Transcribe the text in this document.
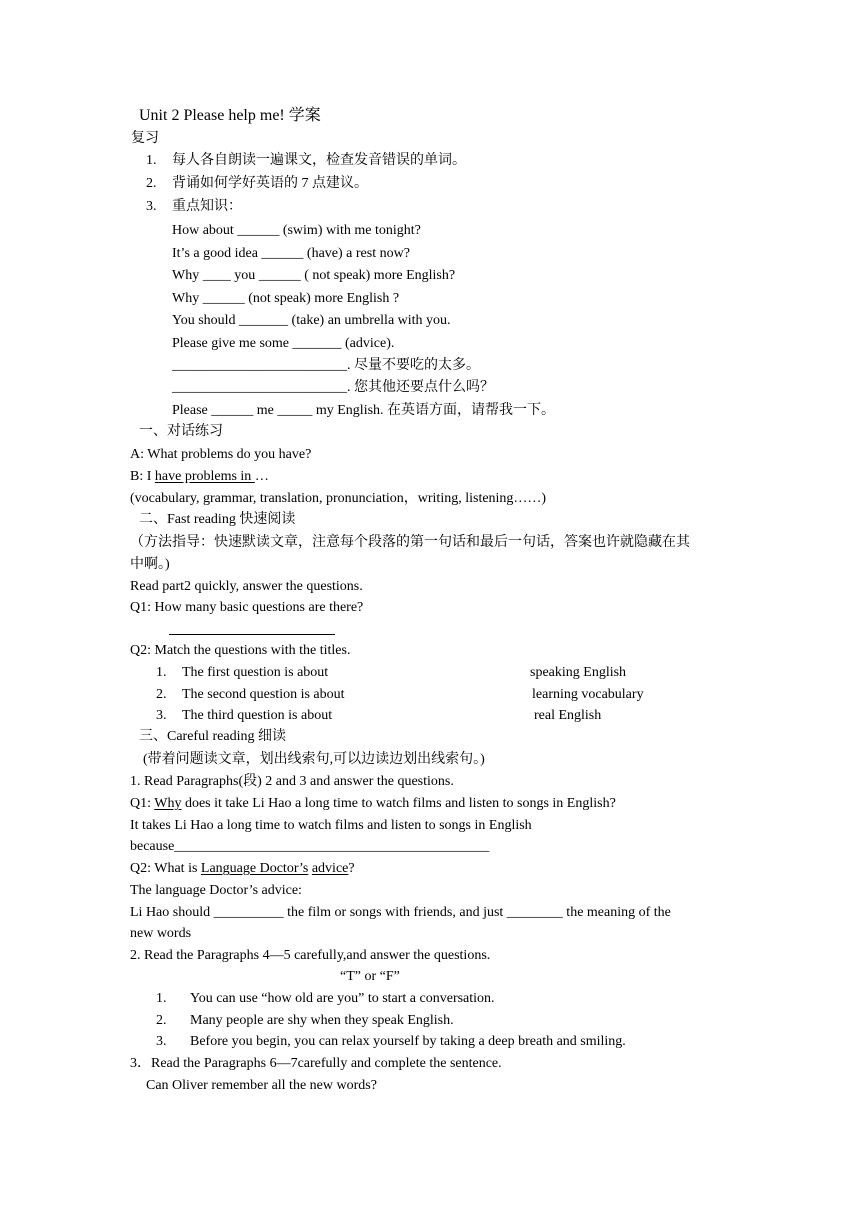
Unit 2 Please help me! 学案
复习
1. 每人各自朗读一遍课文，检查发音错误的单词。
2. 背诵如何学好英语的 7 点建议。
3. 重点知识：
How about ______ (swim) with me tonight?
It’s a good idea ______ (have) a rest now?
Why ____ you ______ ( not speak) more English?
Why ______ (not speak) more English ?
You should _______ (take) an umbrella with you.
Please give me some _______ (advice).
_________________________. 尽量不要吃的太多。
_________________________. 您其他还要点什么吗？
Please ______ me _____ my English. 在英语方面，请帮我一下。
一、对话练习
A: What problems do you have?
B: I have problems in …
(vocabulary, grammar, translation, pronunciation，writing, listening……)
二、Fast reading 快速阅读
（方法指导：快速默读文章，注意每个段落的第一句话和最后一句话，答案也许就隐藏在其
中啊。)
Read part2 quickly, answer the questions.
Q1: How many basic questions are there?
Q2: Match the questions with the titles.
1. The first question is about	speaking English
2. The second question is about	learning vocabulary
3. The third question is about	real English
三、Careful reading 细读
(带着问题读文章，划出线索句,可以边读边划出线索句。)
1. Read Paragraphs(段) 2 and 3 and answer the questions.
Q1: Why does it take Li Hao a long time to watch films and listen to songs in English?
It takes Li Hao a long time to watch films and listen to songs in English
because_____________________________________________
Q2: What is Language Doctor’s advice?
The language Doctor’s advice:
Li Hao should __________ the film or songs with friends, and just ________ the meaning of the
new words
2. Read the Paragraphs 4—5 carefully,and answer the questions.
“T” or “F”
1. You can use “how old are you” to start a conversation.
2. Many people are shy when they speak English.
3. Before you begin, you can relax yourself by taking a deep breath and smiling.
3．Read the Paragraphs 6—7carefully and complete the sentence.
Can Oliver remember all the new words?
